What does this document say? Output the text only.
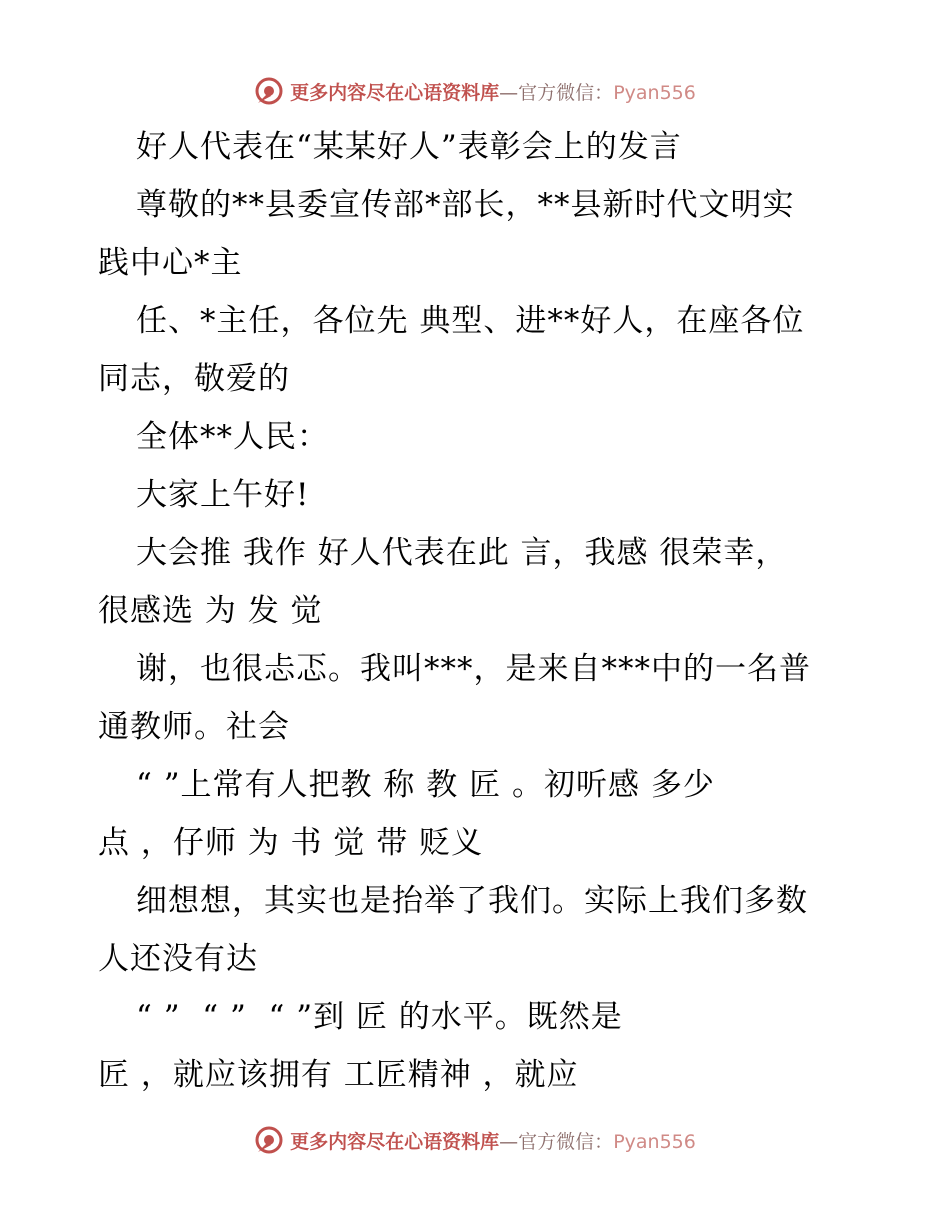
更多内容尽在心语资料库—官方微信：Pyan556
好人代表在“某某好人”表彰会上的发言
尊敬的**县委宣传部*部长，**县新时代文明实
践中心*主
任、*主任，各位先 典型、进**好人，在座各位
同志，敬爱的
全体**人民：
大家上午好!
大会推 我作 好人代表在此 言，我感 很荣幸，
很感选 为 发 觉
谢，也很忐忑。我叫***，是来自***中的一名普
通教师。社会
“ ”上常有人把教 称 教 匠 。初听感 多少
点 ，仔师 为 书 觉 带 贬义
细想想，其实也是抬举了我们。实际上我们多数
人还没有达
“ ”  “ ”  “ ”到 匠 的水平。既然是
匠 ，就应该拥有 工匠精神 ，就应
更多内容尽在心语资料库—官方微信：Pyan556
